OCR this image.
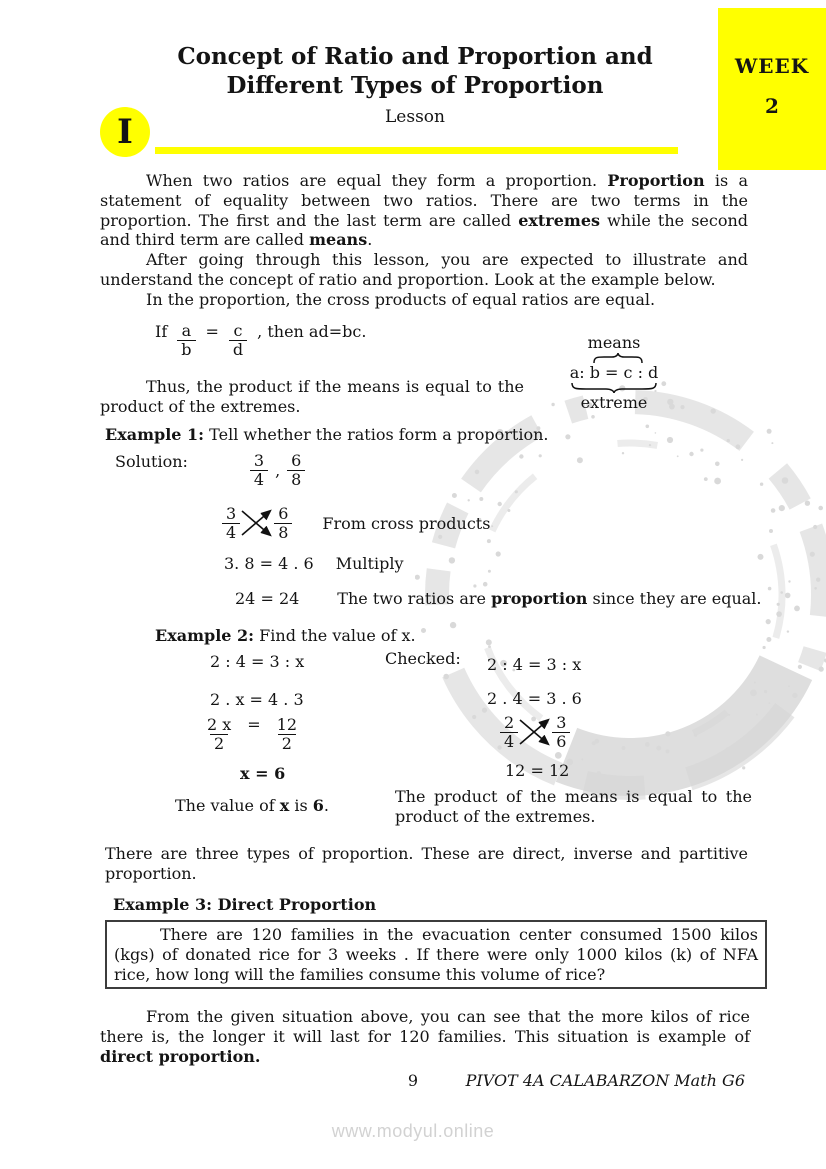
WEEK
2
Concept of Ratio and Proportion and
Different Types of Proportion
Lesson
I

When two ratios are equal they form a proportion. Proportion is a statement of equality between two ratios. There are two terms in the proportion. The first and the last term are called extremes while the second and third term are called means.

After going through this lesson, you are expected to illustrate and understand the concept of ratio and proportion. Look at the example below.

In the proportion, the cross products of equal ratios are equal.

If $\frac{a}{b} = \frac{c}{d}$ , then ad=bc.
means
a: b = c : d
extreme

Thus, the product if the means is equal to the product of the extremes.

Example 1: Tell whether the ratios form a proportion.

Solution:	$\frac{3}{4}$ , $\frac{6}{8}$
$\frac{3}{4} \frac{6}{8}$ From cross products
3. 8 = 4 . 6 Multiply
24 = 24 The two ratios are proportion since they are equal.

Example 2: Find the value of x.

2 : 4 = 3 : x
2 . x = 4 . 3
$\frac{2 x}{2} = \frac{12}{2}$
x = 6
The value of x is 6.
Checked: 2 : 4 = 3 : x
2 . 4 = 3 . 6
$\frac{2}{4} \frac{3}{6}$
12 = 12

The product of the means is equal to the product of the extremes.

There are three types of proportion. These are direct, inverse and partitive proportion.

Example 3: Direct Proportion

There are 120 families in the evacuation center consumed 1500 kilos (kgs) of donated rice for 3 weeks . If there were only 1000 kilos (k) of NFA rice, how long will the families consume this volume of rice?

From the given situation above, you can see that the more kilos of rice there is, the longer it will last for 120 families. This situation is example of direct proportion.

9	PIVOT 4A CALABARZON Math G6
www.modyul.online
